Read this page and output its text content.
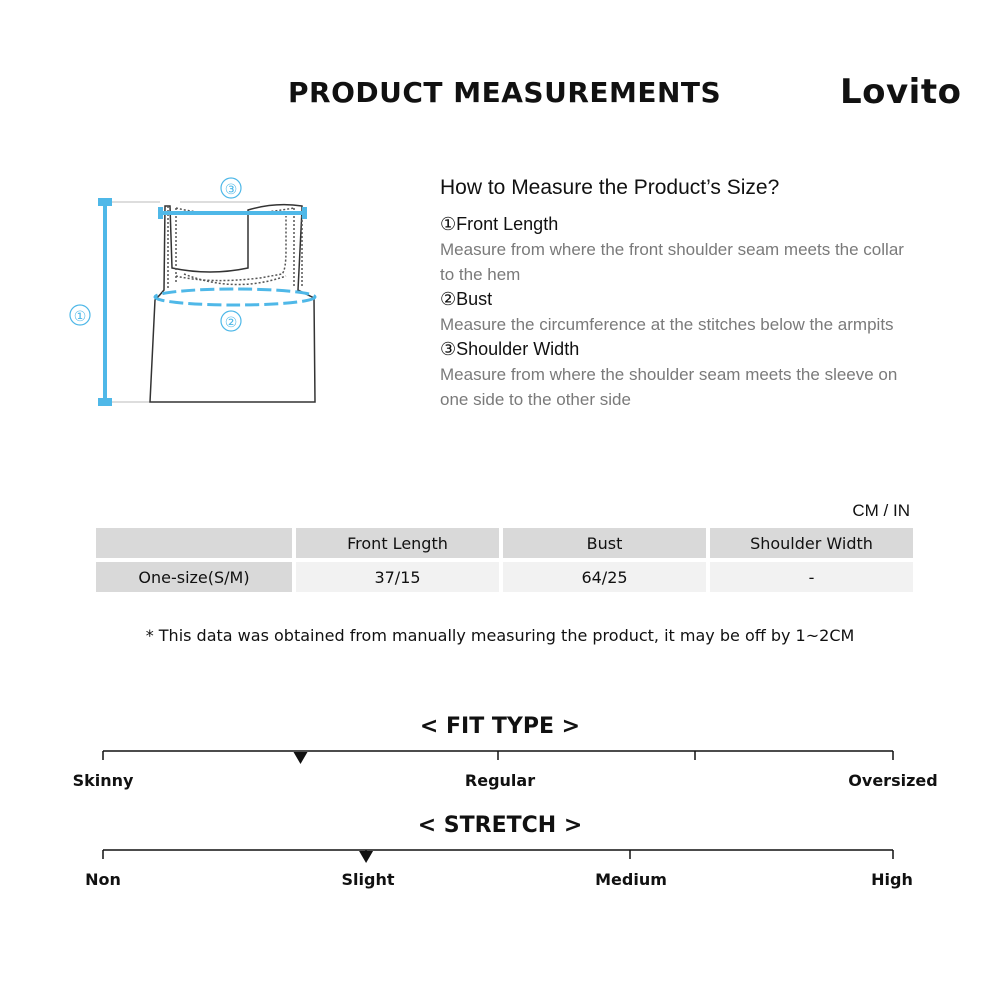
PRODUCT MEASUREMENTS	Lovito
①	②
③	How to Measure the Product’s Size?
①Front Length
Measure from where the front shoulder seam meets the collar to the hem
②Bust
Measure the circumference at the stitches below the armpits
③Shoulder Width
Measure from where the shoulder seam meets the sleeve on one side to the other side
CM / IN
	Front Length	Bust	Shoulder Width
One-size(S/M)	37/15	64/25	-
* This data was obtained from manually measuring the product, it may be off by 1~2CM
< FIT TYPE >
Skinny	Regular	Oversized
< STRETCH >
Non	Slight	Medium	High
